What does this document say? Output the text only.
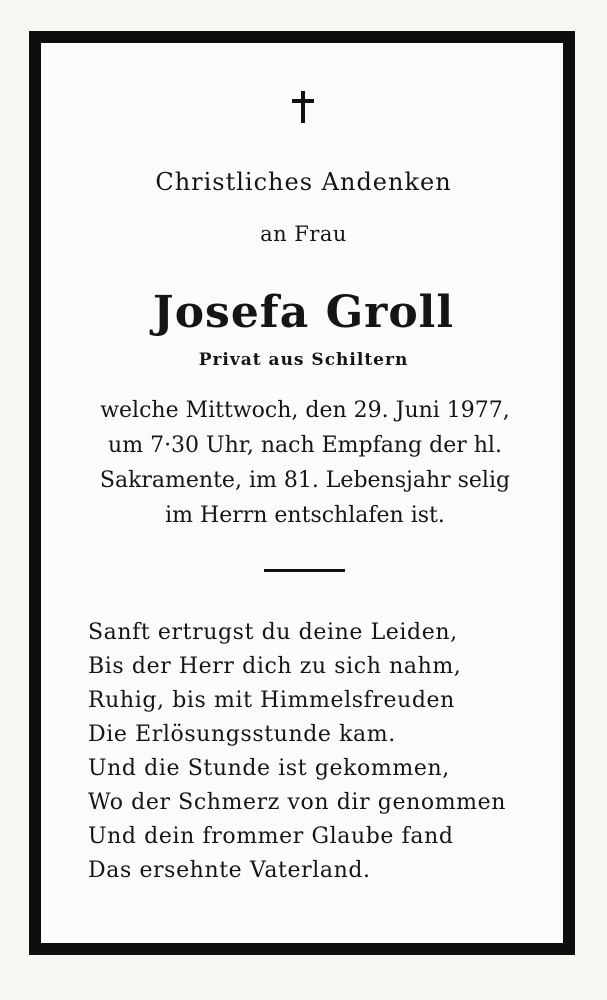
Christliches Andenken
an Frau
Josefa Groll
Privat aus Schiltern
welche Mittwoch, den 29. Juni 1977,
um 7·30 Uhr, nach Empfang der hl.
Sakramente, im 81. Lebensjahr selig
im Herrn entschlafen ist.
Sanft ertrugst du deine Leiden,
Bis der Herr dich zu sich nahm,
Ruhig, bis mit Himmelsfreuden
Die Erlösungsstunde kam.
Und die Stunde ist gekommen,
Wo der Schmerz von dir genommen
Und dein frommer Glaube fand
Das ersehnte Vaterland.
